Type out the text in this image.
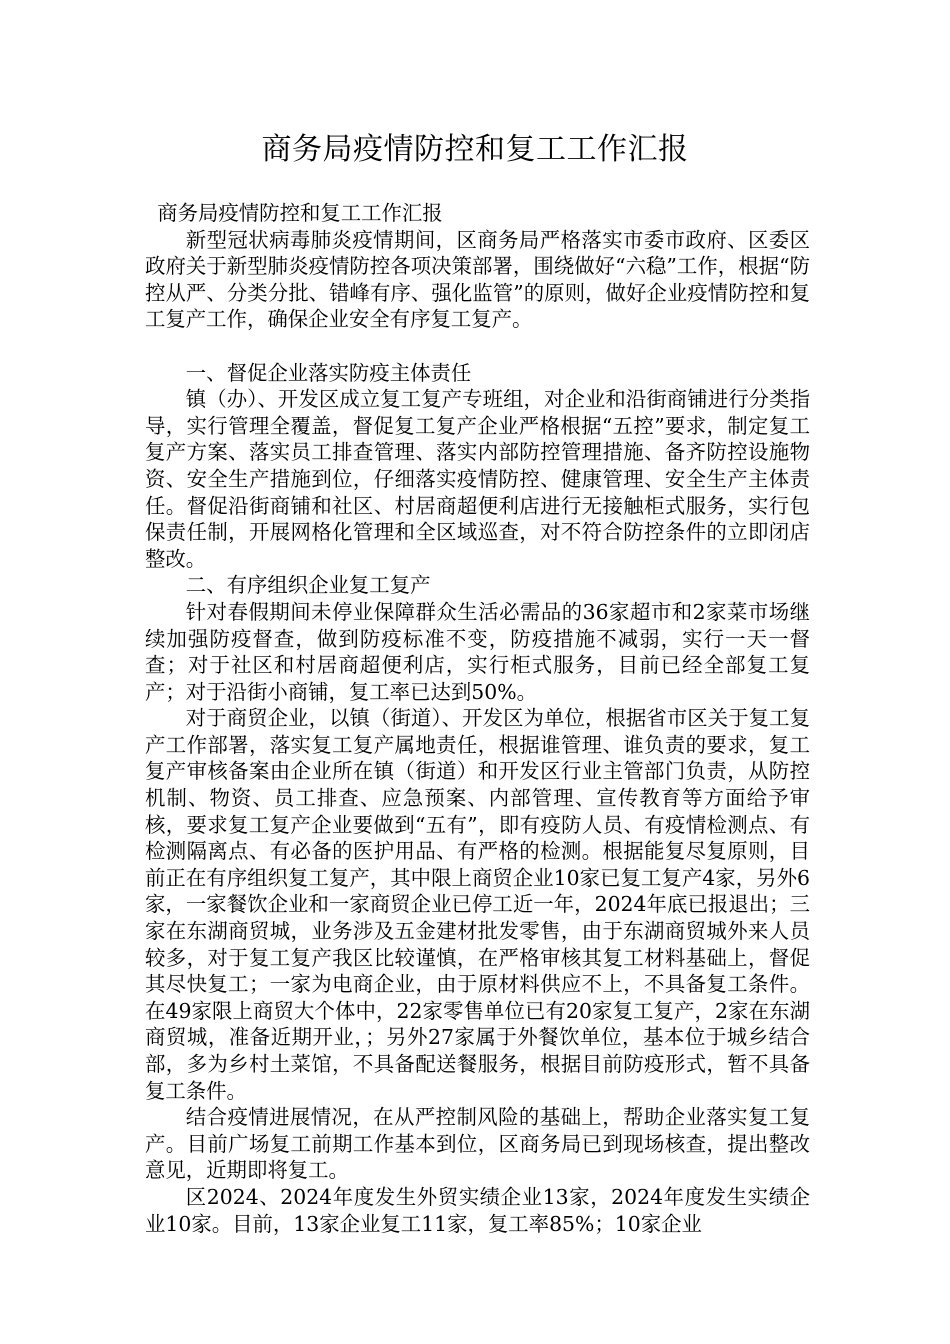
商务局疫情防控和复工工作汇报

商务局疫情防控和复工工作汇报

新型冠状病毒肺炎疫情期间，区商务局严格落实市委市政府、区委区政府关于新型肺炎疫情防控各项决策部署，围绕做好“六稳”工作，根据“防控从严、分类分批、错峰有序、强化监管”的原则，做好企业疫情防控和复工复产工作，确保企业安全有序复工复产。

一、督促企业落实防疫主体责任

镇（办）、开发区成立复工复产专班组，对企业和沿街商铺进行分类指导，实行管理全覆盖，督促复工复产企业严格根据“五控”要求，制定复工复产方案、落实员工排查管理、落实内部防控管理措施、备齐防控设施物资、安全生产措施到位，仔细落实疫情防控、健康管理、安全生产主体责任。督促沿街商铺和社区、村居商超便利店进行无接触柜式服务，实行包保责任制，开展网格化管理和全区域巡查，对不符合防控条件的立即闭店整改。

二、有序组织企业复工复产

针对春假期间未停业保障群众生活必需品的36家超市和2家菜市场继续加强防疫督查，做到防疫标准不变，防疫措施不减弱，实行一天一督查；对于社区和村居商超便利店，实行柜式服务，目前已经全部复工复产；对于沿街小商铺，复工率已达到50%。

对于商贸企业，以镇（街道）、开发区为单位，根据省市区关于复工复产工作部署，落实复工复产属地责任，根据谁管理、谁负责的要求，复工复产审核备案由企业所在镇（街道）和开发区行业主管部门负责，从防控机制、物资、员工排查、应急预案、内部管理、宣传教育等方面给予审核，要求复工复产企业要做到“五有”，即有疫防人员、有疫情检测点、有检测隔离点、有必备的医护用品、有严格的检测。根据能复尽复原则，目前正在有序组织复工复产，其中限上商贸企业10家已复工复产4家，另外6家，一家餐饮企业和一家商贸企业已停工近一年，2024年底已报退出；三家在东湖商贸城，业务涉及五金建材批发零售，由于东湖商贸城外来人员较多，对于复工复产我区比较谨慎，在严格审核其复工材料基础上，督促其尽快复工；一家为电商企业，由于原材料供应不上，不具备复工条件。在49家限上商贸大个体中，22家零售单位已有20家复工复产，2家在东湖商贸城，准备近期开业，；另外27家属于外餐饮单位，基本位于城乡结合部，多为乡村土菜馆，不具备配送餐服务，根据目前防疫形式，暂不具备复工条件。

结合疫情进展情况，在从严控制风险的基础上，帮助企业落实复工复产。目前广场复工前期工作基本到位，区商务局已到现场核查，提出整改意见，近期即将复工。

区2024、2024年度发生外贸实绩企业13家，2024年度发生实绩企业10家。目前，13家企业复工11家，复工率85%；10家企业
